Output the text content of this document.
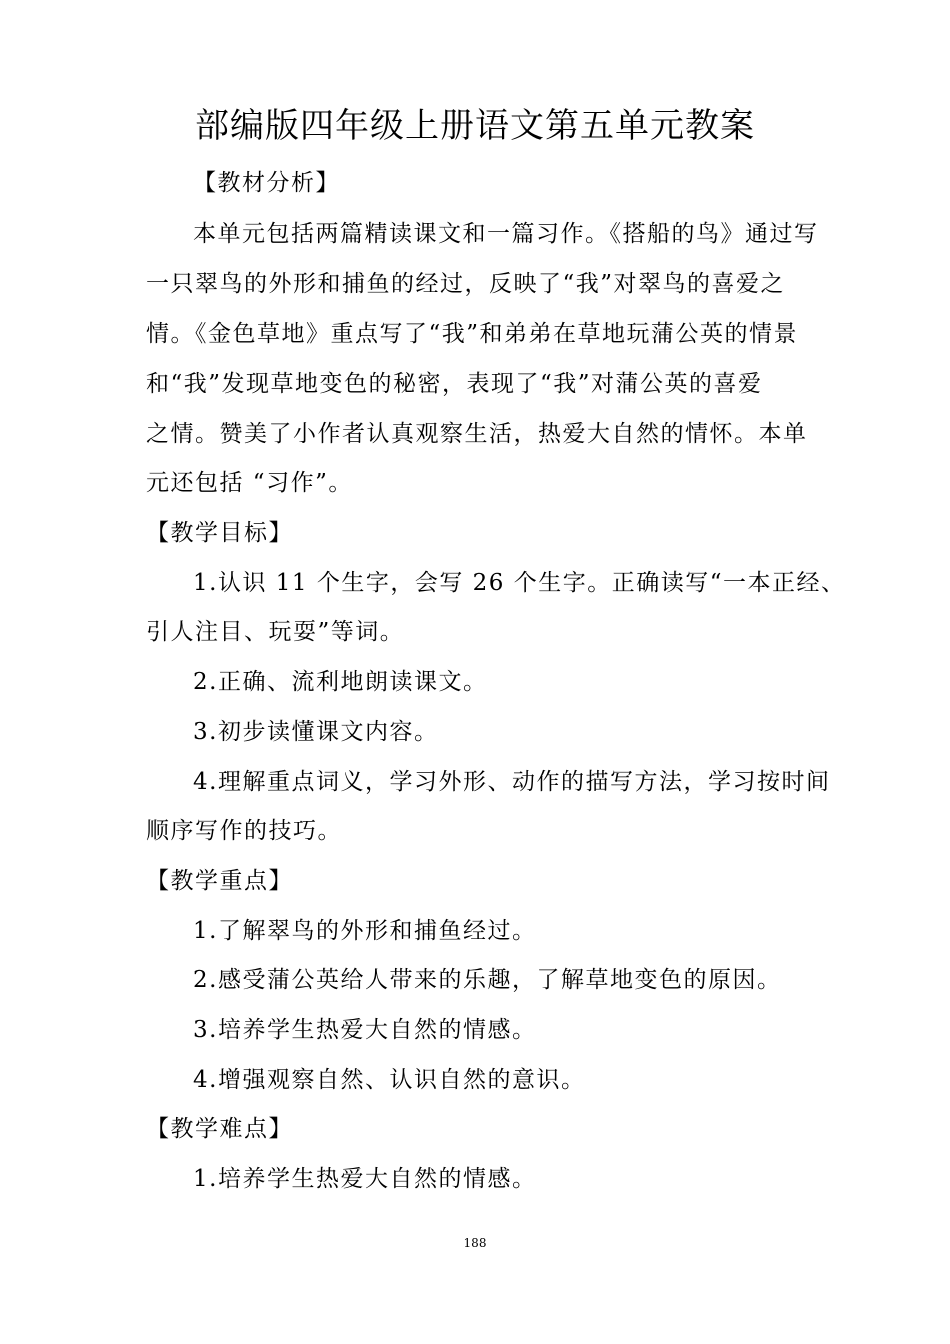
部编版四年级上册语文第五单元教案
【教材分析】
本单元包括两篇精读课文和一篇习作。《搭船的鸟》通过写
一只翠鸟的外形和捕鱼的经过，反映了“我”对翠鸟的喜爱之
情。《金色草地》重点写了“我”和弟弟在草地玩蒲公英的情景
和“我”发现草地变色的秘密，表现了“我”对蒲公英的喜爱
之情。赞美了小作者认真观察生活，热爱大自然的情怀。本单
元还包括 “习作”。
【教学目标】
1.认识 11 个生字，会写 26 个生字。正确读写“一本正经、
引人注目、玩耍”等词。
2.正确、流利地朗读课文。
3.初步读懂课文内容。
4.理解重点词义，学习外形、动作的描写方法，学习按时间
顺序写作的技巧。
【教学重点】
1.了解翠鸟的外形和捕鱼经过。
2.感受蒲公英给人带来的乐趣，了解草地变色的原因。
3.培养学生热爱大自然的情感。
4.增强观察自然、认识自然的意识。
【教学难点】
1.培养学生热爱大自然的情感。
188
